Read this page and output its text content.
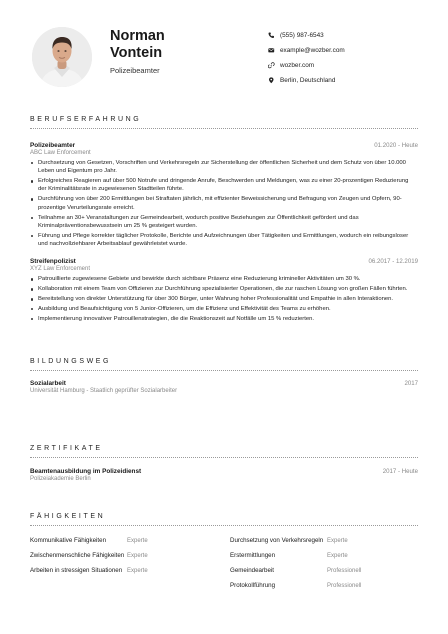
Norman
Vontein
Polizeibeamter
(555) 987-6543
example@wozber.com
wozber.com
Berlin, Deutschland
BERUFSERFAHRUNG
Polizeibeamter	01.2020 - Heute
ABC Law Enforcement
Durchsetzung von Gesetzen, Vorschriften und Verkehrsregeln zur Sicherstellung der öffentlichen Sicherheit und dem Schutz von über 10.000 Leben und Eigentum pro Jahr.
Erfolgreiches Reagieren auf über 500 Notrufe und dringende Anrufe, Beschwerden und Meldungen, was zu einer 20-prozentigen Reduzierung der Kriminalitätsrate in zugewiesenen Stadtteilen führte.
Durchführung von über 200 Ermittlungen bei Straftaten jährlich, mit effizienter Beweissicherung und Befragung von Zeugen und Opfern, 90-prozentige Verurteilungsrate erreicht.
Teilnahme an 30+ Veranstaltungen zur Gemeindearbeit, wodurch positive Beziehungen zur Öffentlichkeit gefördert und das Kriminalpräventionsbewusstsein um 25 % gesteigert wurden.
Führung und Pflege korrekter täglicher Protokolle, Berichte und Aufzeichnungen über Tätigkeiten und Ermittlungen, wodurch ein reibungsloser und nachvollziehbarer Arbeitsablauf gewährleistet wurde.
Streifenpolizist	06.2017 - 12.2019
XYZ Law Enforcement
Patrouillierte zugewiesene Gebiete und bewirkte durch sichtbare Präsenz eine Reduzierung krimineller Aktivitäten um 30 %.
Kollaboration mit einem Team von Offizieren zur Durchführung spezialisierter Operationen, die zur raschen Lösung von großen Fällen führten.
Bereitstellung von direkter Unterstützung für über 300 Bürger, unter Wahrung hoher Professionalität und Empathie in allen Interaktionen.
Ausbildung und Beaufsichtigung von 5 Junior-Offizieren, um die Effizienz und Effektivität des Teams zu erhöhen.
Implementierung innovativer Patrouillenstrategien, die die Reaktionszeit auf Notfälle um 15 % reduzierten.
BILDUNGSWEG
Sozialarbeit	2017
Universität Hamburg - Staatlich geprüfter Sozialarbeiter
ZERTIFIKATE
Beamtenausbildung im Polizeidienst	2017 - Heute
Polizeiakademie Berlin
FÄHIGKEITEN
Kommunikative Fähigkeiten	Experte
Zwischenmenschliche Fähigkeiten Experte
Arbeiten in stressigen Situationen Experte
Durchsetzung von Verkehrsregeln Experte
Erstermittlungen	Experte
Gemeindearbeit	Professionell
Protokollführung	Professionell
